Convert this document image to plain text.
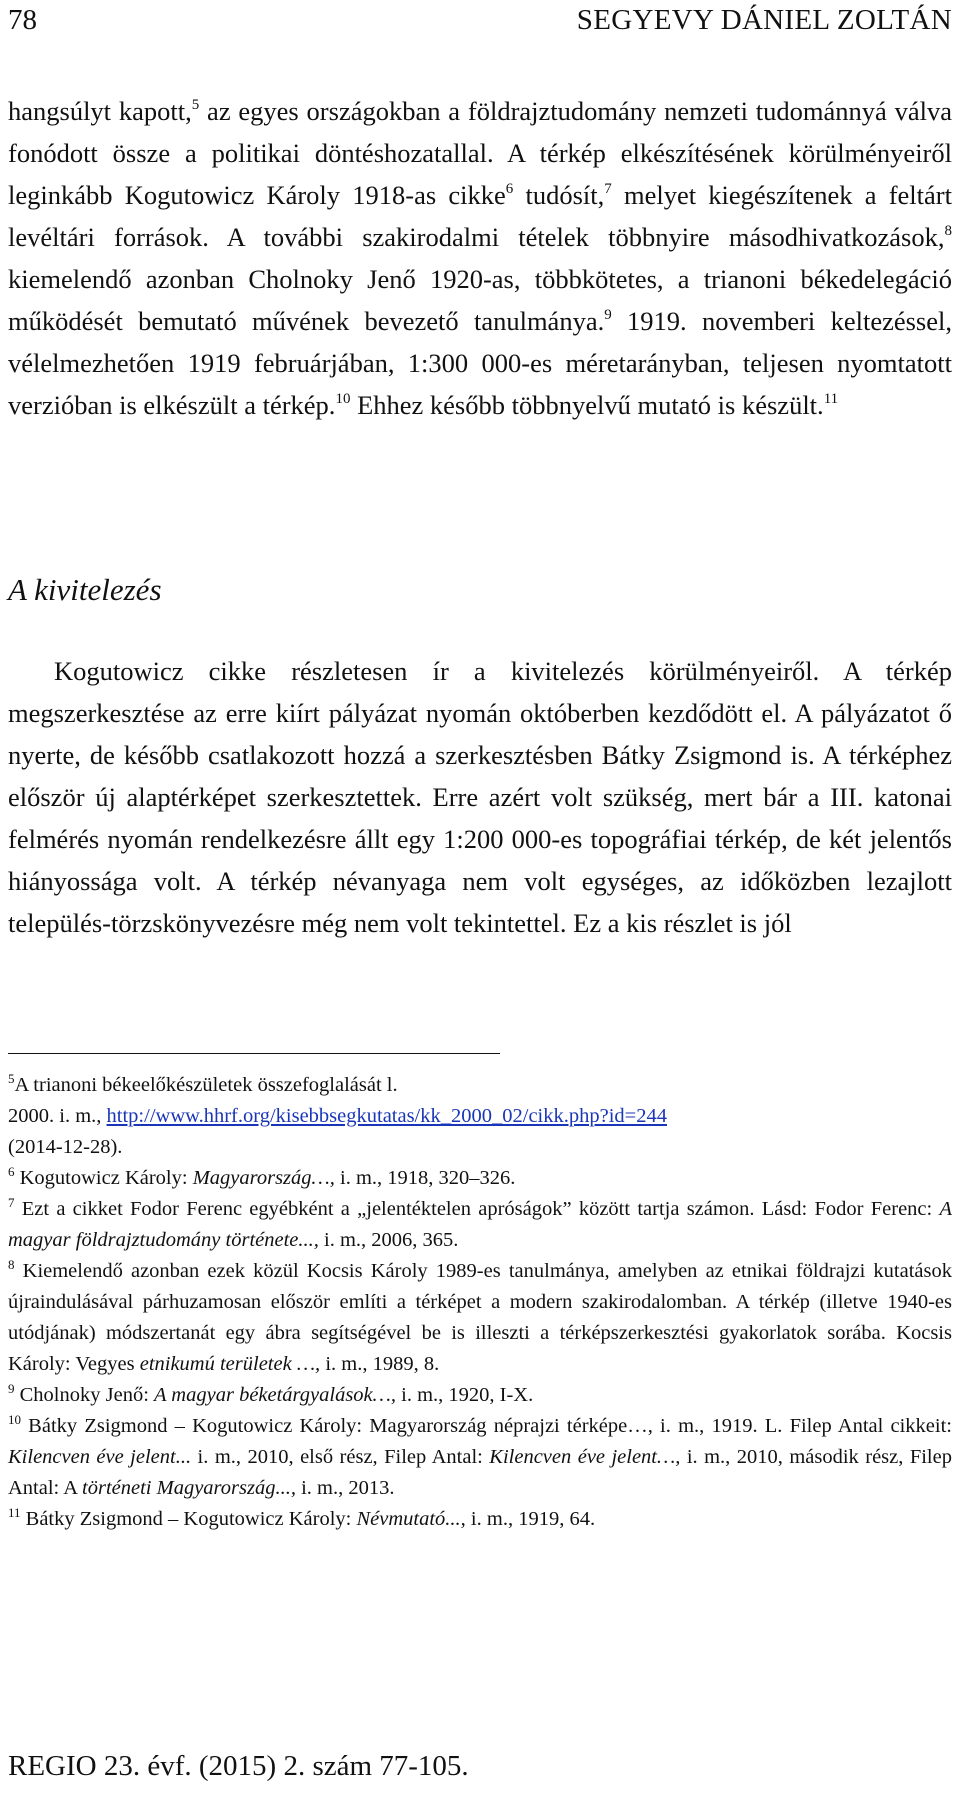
78	SEGYEVY DÁNIEL ZOLTÁN

hangsúlyt kapott,$^5$ az egyes országokban a földrajztudomány nemzeti tudománnyá válva fonódott össze a politikai döntéshozatallal. A térkép elkészítésének körülményeiről leginkább Kogutowicz Károly 1918-as cikke$^6$ tudósít,$^7$ melyet kiegészítenek a feltárt levéltári források. A további szakirodalmi tételek többnyire másodhivatkozások,$^8$ kiemelendő azonban Cholnoky Jenő 1920-as, többkötetes, a trianoni békedelegáció működését bemutató művének bevezető tanulmánya.$^9$ 1919. novemberi keltezéssel, vélelmezhetően 1919 februárjában, 1:300 000-es méretarányban, teljesen nyomtatott verzióban is elkészült a térkép.$^{10}$ Ehhez később többnyelvű mutató is készült.$^{11}$

A kivitelezés

Kogutowicz cikke részletesen ír a kivitelezés körülményeiről. A térkép megszerkesztése az erre kiírt pályázat nyomán októberben kezdődött el. A pályázatot ő nyerte, de később csatlakozott hozzá a szerkesztésben Bátky Zsigmond is. A térképhez először új alaptérképet szerkesztettek. Erre azért volt szükség, mert bár a III. katonai felmérés nyomán rendelkezésre állt egy 1:200 000-es topográfiai térkép, de két jelentős hiányossága volt. A térkép névanyaga nem volt egységes, az időközben lezajlott település-törzskönyvezésre még nem volt tekintettel. Ez a kis részlet is jól

$^5$A trianoni békeelőkészületek összefoglalását l.
2000. i. m., http://www.hhrf.org/kisebbsegkutatas/kk_2000_02/cikk.php?id=244
(2014-12-28).

$^6$ Kogutowicz Károly: Magyarország…, i. m., 1918, 320–326.

$^7$ Ezt a cikket Fodor Ferenc egyébként a „jelentéktelen apróságok” között tartja számon. Lásd: Fodor Ferenc: A magyar földrajztudomány története..., i. m., 2006, 365.

$^8$ Kiemelendő azonban ezek közül Kocsis Károly 1989-es tanulmánya, amelyben az etnikai földrajzi kutatások újraindulásával párhuzamosan először említi a térképet a modern szakirodalomban. A térkép (illetve 1940-es utódjának) módszertanát egy ábra segítségével be is illeszti a térképszerkesztési gyakorlatok sorába. Kocsis Károly: Vegyes etnikumú területek …, i. m., 1989, 8.

$^9$ Cholnoky Jenő: A magyar béketárgyalások…, i. m., 1920, I-X.

$^{10}$ Bátky Zsigmond – Kogutowicz Károly: Magyarország néprajzi térképe…, i. m., 1919. L. Filep Antal cikkeit: Kilencven éve jelent... i. m., 2010, első rész, Filep Antal: Kilencven éve jelent…, i. m., 2010, második rész, Filep Antal: A történeti Magyarország..., i. m., 2013.

$^{11}$ Bátky Zsigmond – Kogutowicz Károly: Névmutató..., i. m., 1919, 64.

REGIO 23. évf. (2015) 2. szám 77-105.
